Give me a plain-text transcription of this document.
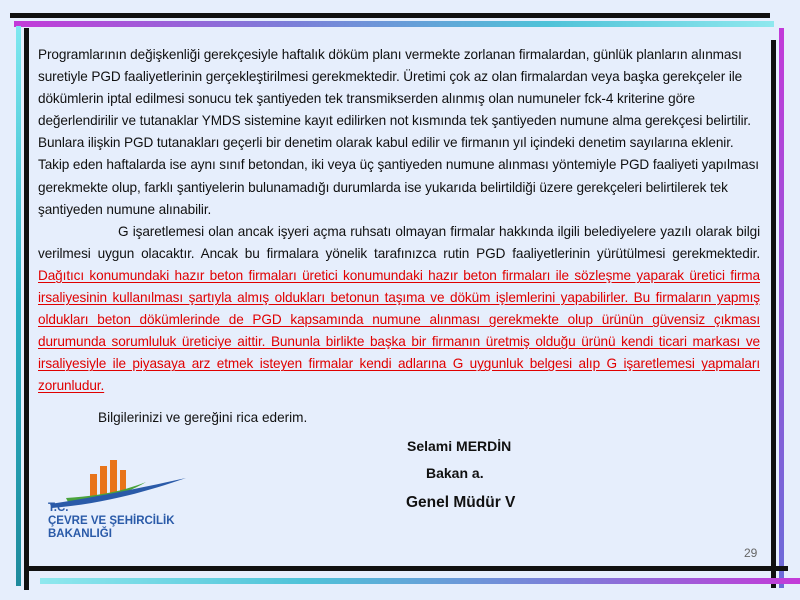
Programlarının değişkenliği gerekçesiyle haftalık döküm planı vermekte zorlanan firmalardan, günlük planların alınması suretiyle PGD faaliyetlerinin gerçekleştirilmesi gerekmektedir. Üretimi çok az olan firmalardan veya başka gerekçeler ile dökümlerin iptal edilmesi sonucu tek şantiyeden tek transmikserden alınmış olan numuneler fck-4 kriterine göre değerlendirilir ve tutanaklar YMDS sistemine kayıt edilirken not kısmında tek şantiyeden numune alma gerekçesi belirtilir. Bunlara ilişkin PGD tutanakları geçerli bir denetim olarak kabul edilir ve firmanın yıl içindeki denetim sayılarına eklenir. Takip eden haftalarda ise aynı sınıf betondan, iki veya üç şantiyeden numune alınması yöntemiyle PGD faaliyeti yapılması gerekmekte olup, farklı şantiyelerin bulunamadığı durumlarda ise yukarıda belirtildiği üzere gerekçeleri belirtilerek tek şantiyeden numune alınabilir.

G işaretlemesi olan ancak işyeri açma ruhsatı olmayan firmalar hakkında ilgili belediyelere yazılı olarak bilgi verilmesi uygun olacaktır. Ancak bu firmalara yönelik tarafınızca rutin PGD faaliyetlerinin yürütülmesi gerekmektedir. Dağıtıcı konumundaki hazır beton firmaları üretici konumundaki hazır beton firmaları ile sözleşme yaparak üretici firma irsaliyesinin kullanılması şartıyla almış oldukları betonun taşıma ve döküm işlemlerini yapabilirler. Bu firmaların yapmış oldukları beton dökümlerinde de PGD kapsamında numune alınması gerekmekte olup ürünün güvensiz çıkması durumunda sorumluluk üreticiye aittir. Bununla birlikte başka bir firmanın üretmiş olduğu ürünü kendi ticari markası ve irsaliyesiyle ile piyasaya arz etmek isteyen firmalar kendi adlarına G uygunluk belgesi alıp G işaretlemesi yapmaları zorunludur.

Bilgilerinizi ve gereğini rica ederim.
Selami MERDİN
Bakan a.
Genel Müdür V
T.C.
ÇEVRE VE ŞEHİRCİLİK
BAKANLIĞI
29
